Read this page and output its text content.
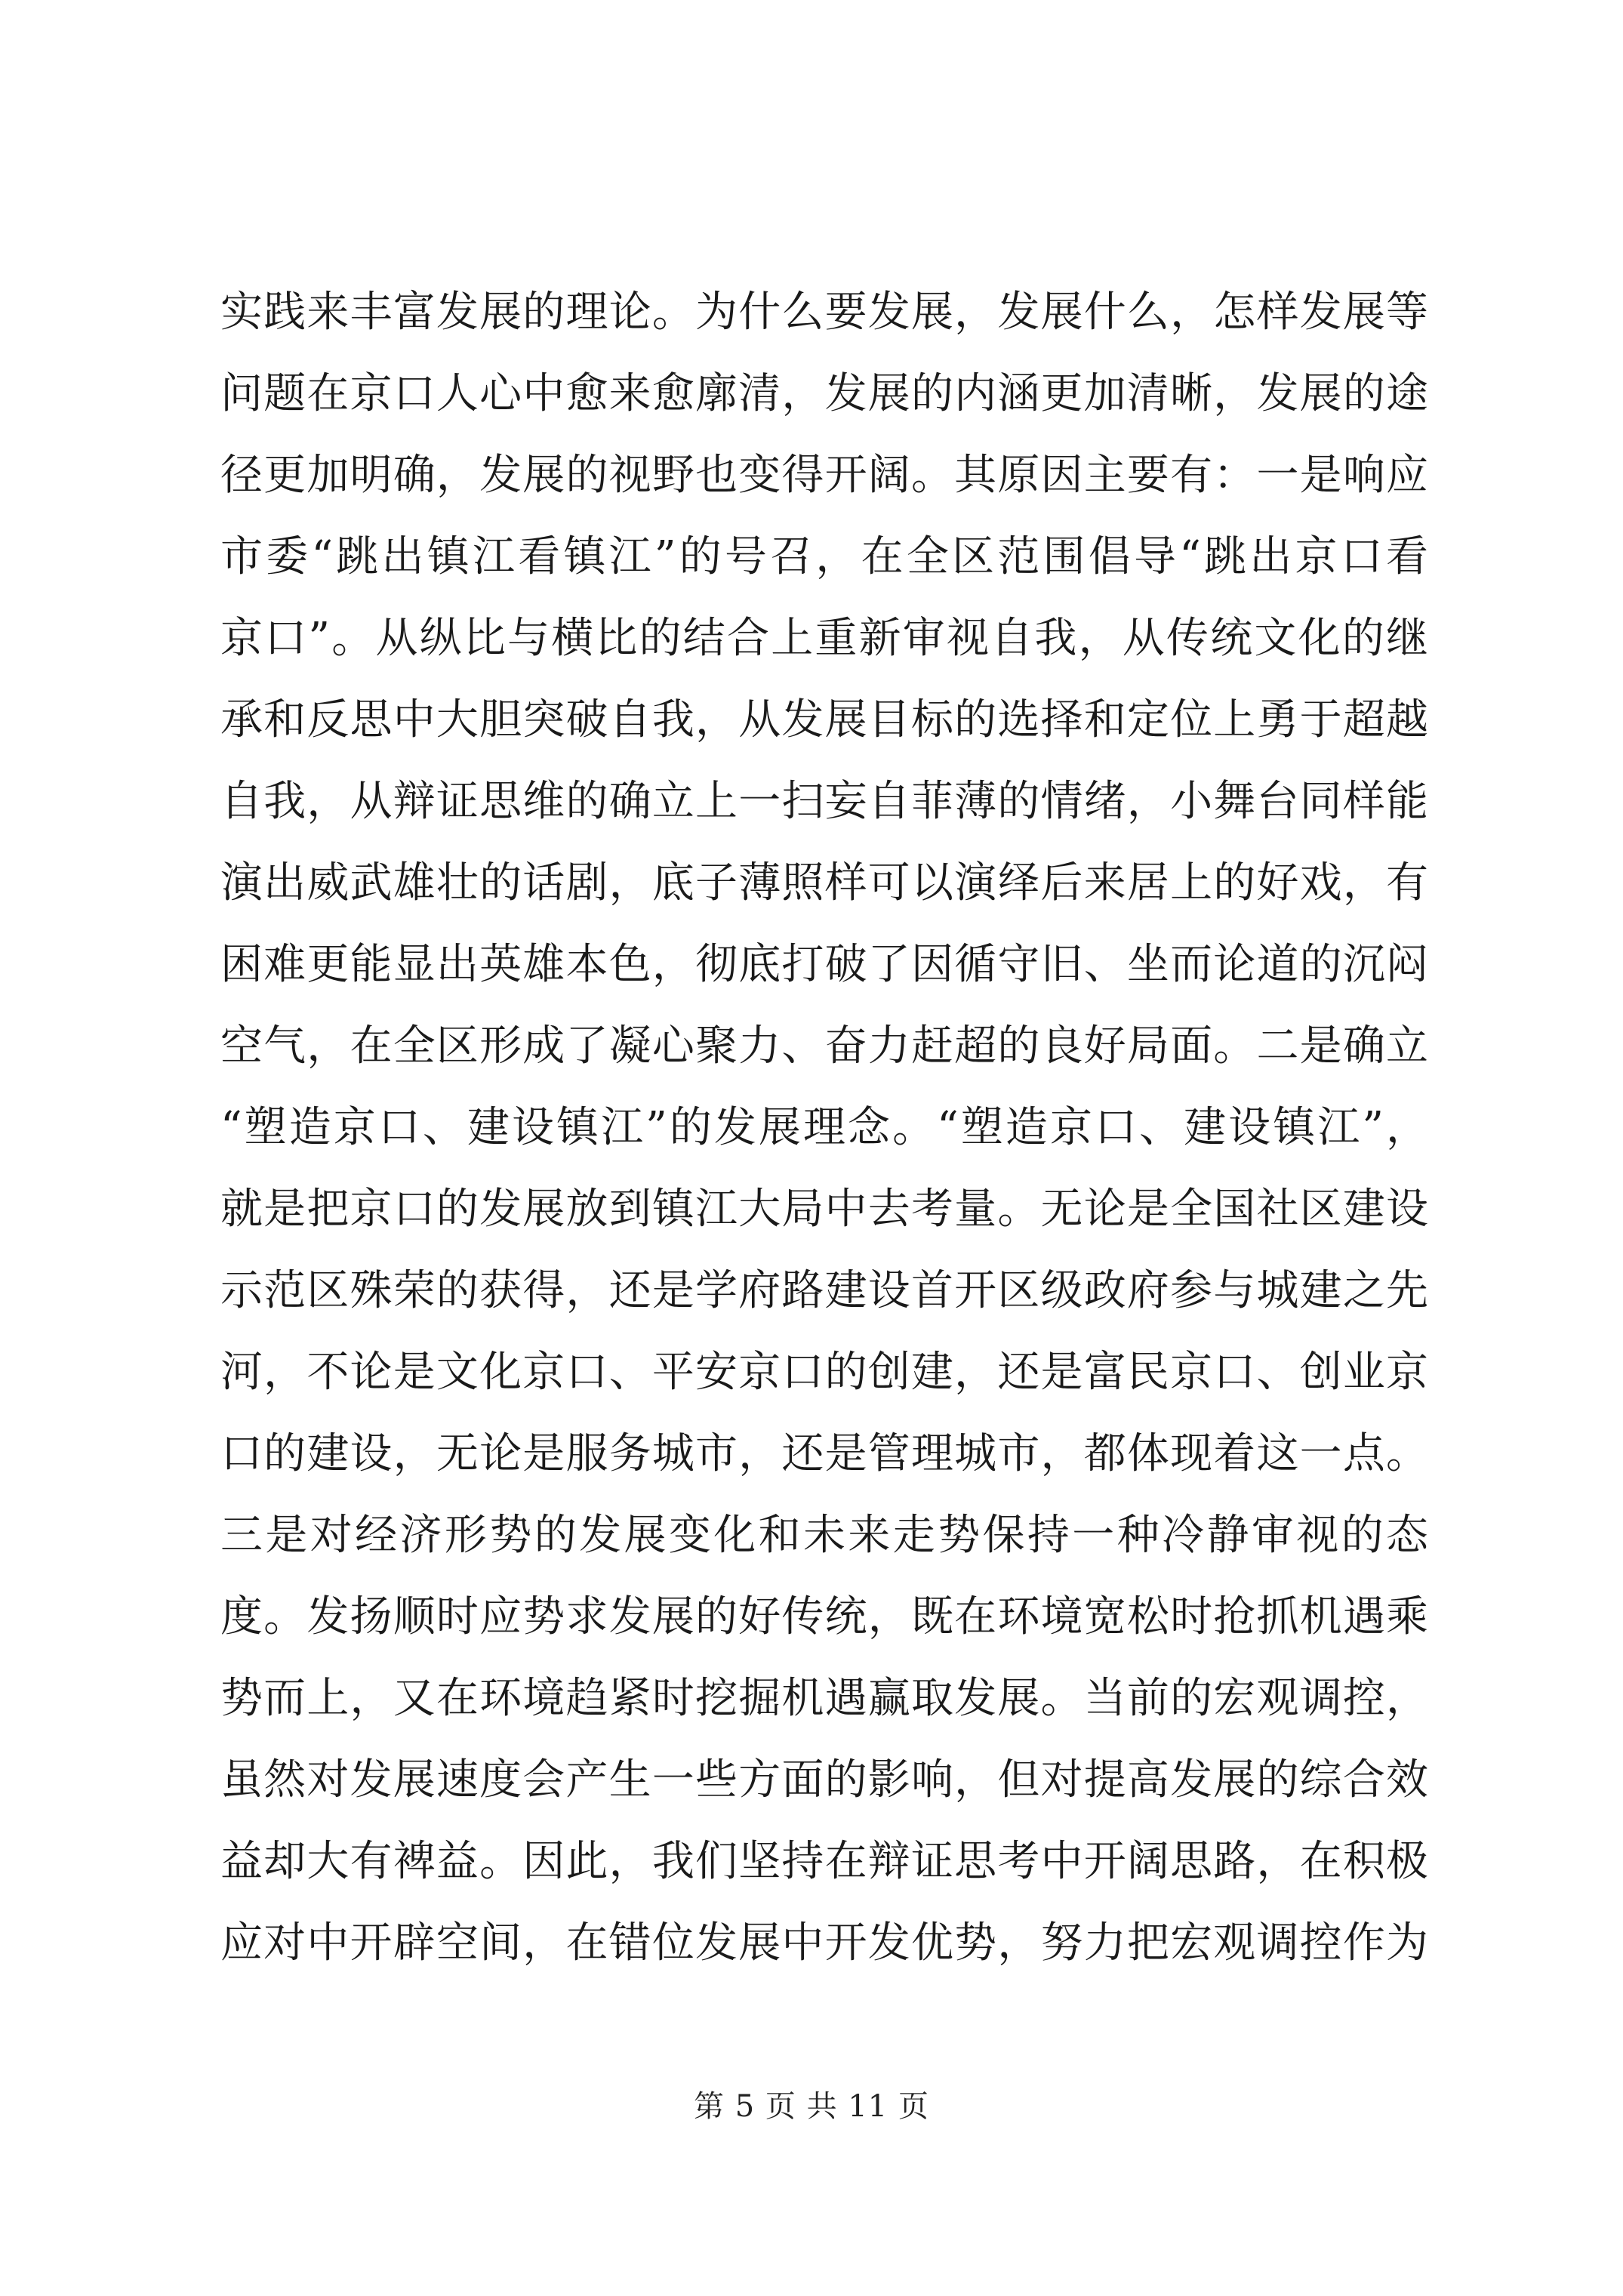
实践来丰富发展的理论。为什么要发展，发展什么，怎样发展等
问题在京口人心中愈来愈廓清，发展的内涵更加清晰，发展的途
径更加明确，发展的视野也变得开阔。其原因主要有：一是响应
市委“跳出镇江看镇江”的号召，在全区范围倡导“跳出京口看
京口”。从纵比与横比的结合上重新审视自我，从传统文化的继
承和反思中大胆突破自我，从发展目标的选择和定位上勇于超越
自我，从辩证思维的确立上一扫妄自菲薄的情绪，小舞台同样能
演出威武雄壮的话剧，底子薄照样可以演绎后来居上的好戏，有
困难更能显出英雄本色，彻底打破了因循守旧、坐而论道的沉闷
空气，在全区形成了凝心聚力、奋力赶超的良好局面。二是确立
“塑造京口、建设镇江”的发展理念。“塑造京口、建设镇江”，
就是把京口的发展放到镇江大局中去考量。无论是全国社区建设
示范区殊荣的获得，还是学府路建设首开区级政府参与城建之先
河，不论是文化京口、平安京口的创建，还是富民京口、创业京
口的建设，无论是服务城市，还是管理城市，都体现着这一点。
三是对经济形势的发展变化和未来走势保持一种冷静审视的态
度。发扬顺时应势求发展的好传统，既在环境宽松时抢抓机遇乘
势而上，又在环境趋紧时挖掘机遇赢取发展。当前的宏观调控，
虽然对发展速度会产生一些方面的影响，但对提高发展的综合效
益却大有裨益。因此，我们坚持在辩证思考中开阔思路，在积极
应对中开辟空间，在错位发展中开发优势，努力把宏观调控作为
第 5 页 共 11 页
